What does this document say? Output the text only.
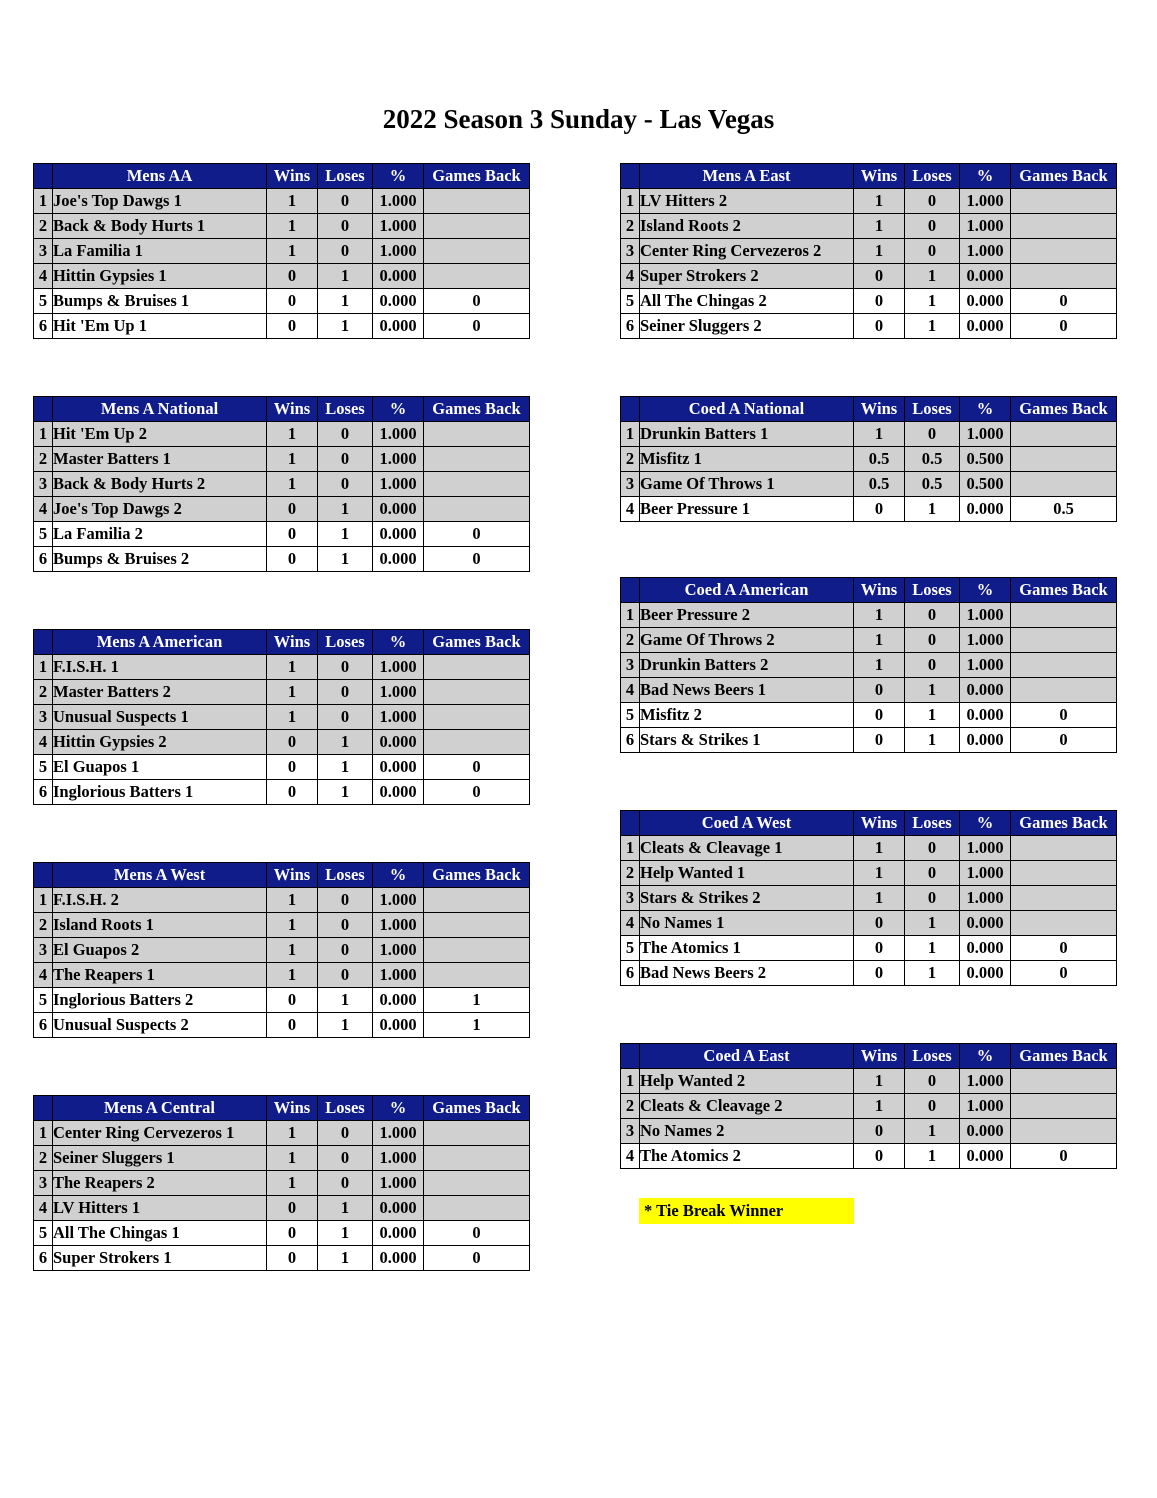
2022 Season 3 Sunday - Las Vegas
	Mens AA	Wins	Loses	%	Games Back
1	Joe's Top Dawgs 1	1	0	1.000	
2	Back & Body Hurts 1	1	0	1.000	
3	La Familia 1	1	0	1.000	
4	Hittin Gypsies 1	0	1	0.000	
5	Bumps & Bruises 1	0	1	0.000	0
6	Hit 'Em Up 1	0	1	0.000	0
	Mens A National	Wins	Loses	%	Games Back
1	Hit 'Em Up 2	1	0	1.000	
2	Master Batters 1	1	0	1.000	
3	Back & Body Hurts 2	1	0	1.000	
4	Joe's Top Dawgs 2	0	1	0.000	
5	La Familia 2	0	1	0.000	0
6	Bumps & Bruises 2	0	1	0.000	0
	Mens A American	Wins	Loses	%	Games Back
1	F.I.S.H. 1	1	0	1.000	
2	Master Batters 2	1	0	1.000	
3	Unusual Suspects 1	1	0	1.000	
4	Hittin Gypsies 2	0	1	0.000	
5	El Guapos 1	0	1	0.000	0
6	Inglorious Batters 1	0	1	0.000	0
	Mens A West	Wins	Loses	%	Games Back
1	F.I.S.H. 2	1	0	1.000	
2	Island Roots 1	1	0	1.000	
3	El Guapos 2	1	0	1.000	
4	The Reapers 1	1	0	1.000	
5	Inglorious Batters 2	0	1	0.000	1
6	Unusual Suspects 2	0	1	0.000	1
	Mens A Central	Wins	Loses	%	Games Back
1	Center Ring Cervezeros 1	1	0	1.000	
2	Seiner Sluggers 1	1	0	1.000	
3	The Reapers 2	1	0	1.000	
4	LV Hitters 1	0	1	0.000	
5	All The Chingas 1	0	1	0.000	0
6	Super Strokers 1	0	1	0.000	0
	Mens A East	Wins	Loses	%	Games Back
1	LV Hitters 2	1	0	1.000	
2	Island Roots 2	1	0	1.000	
3	Center Ring Cervezeros 2	1	0	1.000	
4	Super Strokers 2	0	1	0.000	
5	All The Chingas 2	0	1	0.000	0
6	Seiner Sluggers 2	0	1	0.000	0
	Coed A National	Wins	Loses	%	Games Back
1	Drunkin Batters 1	1	0	1.000	
2	Misfitz 1	0.5	0.5	0.500	
3	Game Of Throws 1	0.5	0.5	0.500	
4	Beer Pressure 1	0	1	0.000	0.5
	Coed A American	Wins	Loses	%	Games Back
1	Beer Pressure 2	1	0	1.000	
2	Game Of Throws 2	1	0	1.000	
3	Drunkin Batters 2	1	0	1.000	
4	Bad News Beers 1	0	1	0.000	
5	Misfitz 2	0	1	0.000	0
6	Stars & Strikes 1	0	1	0.000	0
	Coed A West	Wins	Loses	%	Games Back
1	Cleats & Cleavage 1	1	0	1.000	
2	Help Wanted 1	1	0	1.000	
3	Stars & Strikes 2	1	0	1.000	
4	No Names 1	0	1	0.000	
5	The Atomics 1	0	1	0.000	0
6	Bad News Beers 2	0	1	0.000	0
	Coed A East	Wins	Loses	%	Games Back
1	Help Wanted 2	1	0	1.000	
2	Cleats & Cleavage 2	1	0	1.000	
3	No Names 2	0	1	0.000	
4	The Atomics 2	0	1	0.000	0
* Tie Break Winner
